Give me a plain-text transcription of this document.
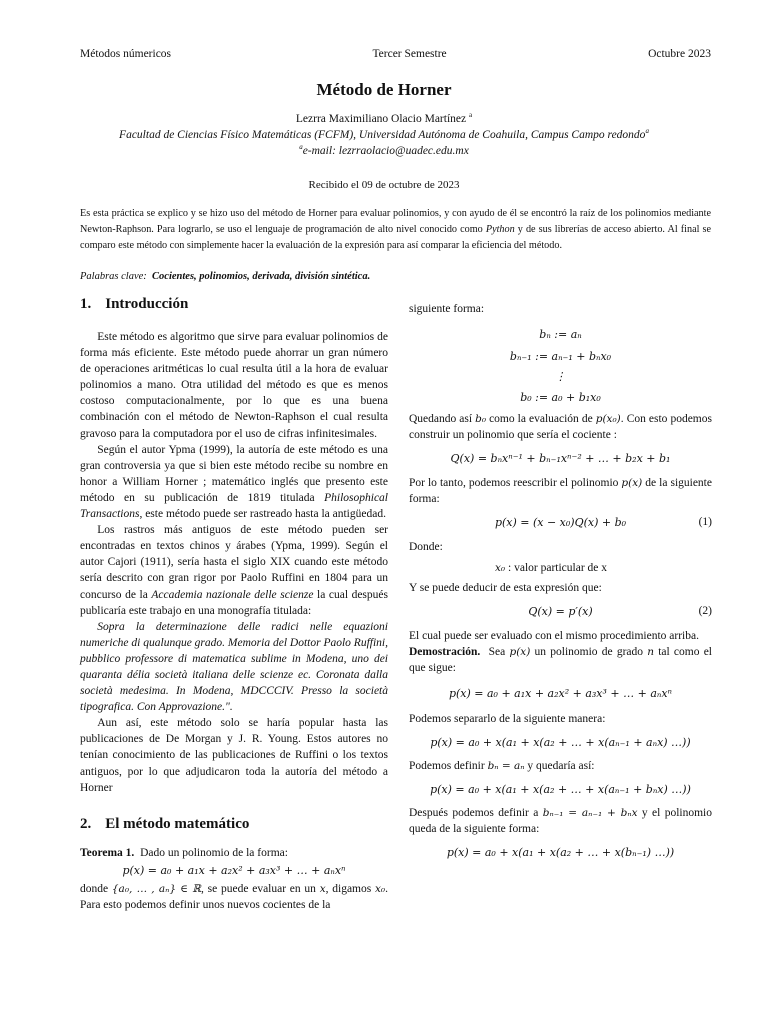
Métodos númericos	Tercer Semestre	Octubre 2023
Método de Horner
Lezrra Maximiliano Olacio Martínez $^a$
Facultad de Ciencias Físico Matemáticas (FCFM), Universidad Autónoma de Coahuila, Campus Campo redondo$^a$
$^a$e-mail: lezrraolacio@uadec.edu.mx
Recibido el 09 de octubre de 2023

Es esta práctica se explico y se hizo uso del método de Horner para evaluar polinomios, y con ayudo de él se encontró la raíz de los polinomios mediante Newton-Raphson. Para lograrlo, se uso el lenguaje de programación de alto nivel conocido como Python y de sus librerías de acceso abierto. Al final se comparo este método con simplemente hacer la evaluación de la expresión para así comparar la eficiencia del método.

Palabras clave: Cocientes, polinomios, derivada, división sintética.
1. Introducción

Este método es algoritmo que sirve para evaluar polinomios de forma más eficiente. Este método puede ahorrar un gran número de operaciones aritméticas lo cual resulta útil a la hora de evaluar polinomios a mano. Otra utilidad del método es que es menos costoso computacionalmente, por lo que es una buena combinación con el método de Newton-Raphson el cual resulta gravoso para la computadora por el uso de cifras infinitesimales.

Según el autor Ypma (1999), la autoría de este método es una gran controversia ya que si bien este método recibe su nombre en honor a William Horner ; matemático inglés que presento este método en su publicación de 1819 titulada Philosophical Transactions, este método puede ser rastreado hasta la antigüedad.

Los rastros más antiguos de este método pueden ser encontradas en textos chinos y árabes (Ypma, 1999). Según el autor Cajori (1911), sería hasta el siglo XIX cuando este método sería descrito con gran rigor por Paolo Ruffini en 1804 para un concurso de la Accademia nazionale delle scienze la cual después publicaría este trabajo en una monografía titulada:

Sopra la determinazione delle radici nelle equazioni numeriche di qualunque grado. Memoria del Dottor Paolo Ruffini, pubblico professore di matematica sublime in Modena, uno dei quaranta délia società italiana delle scienze ec. Coronata dalla società medesima. In Modena, MDCCCIV. Presso la società tipografica. Con Approvazione.".

Aun así, este método solo se haría popular hasta las publicaciones de De Morgan y J. R. Young. Estos autores no tenían conocimiento de las publicaciones de Ruffini o los textos antiguos, por lo que adjudicaron toda la autoría del método a Horner

2. El método matemático

Teorema 1. Dado un polinomio de la forma:

p(x) = a₀ + a₁x + a₂x² + a₃x³ + … + aₙxⁿ

donde {a₀, … , aₙ} ∈ ℝ, se puede evaluar en un x, digamos x₀. Para esto podemos definir unos nuevos cocientes de la

siguiente forma:

bₙ := aₙ
bₙ₋₁ := aₙ₋₁ + bₙx₀
⋮
b₀ := a₀ + b₁x₀

Quedando así b₀ como la evaluación de p(x₀). Con esto podemos construir un polinomio que sería el cociente :

Q(x) = bₙxⁿ⁻¹ + bₙ₋₁xⁿ⁻² + … + b₂x + b₁

Por lo tanto, podemos reescribir el polinomio p(x) de la siguiente forma:

p(x) = (x − x₀)Q(x) + b₀	(1)

Donde:

x₀ : valor particular de x

Y se puede deducir de esta expresión que:

Q(x) = p′(x)	(2)

El cual puede ser evaluado con el mismo procedimiento arriba.

Demostración. Sea p(x) un polinomio de grado n tal como el que sigue:

p(x) = a₀ + a₁x + a₂x² + a₃x³ + … + aₙxⁿ

Podemos separarlo de la siguiente manera:

p(x) = a₀ + x(a₁ + x(a₂ + … + x(aₙ₋₁ + aₙx) …))

Podemos definir bₙ = aₙ y quedaría así:

p(x) = a₀ + x(a₁ + x(a₂ + … + x(aₙ₋₁ + bₙx) …))

Después podemos definir a bₙ₋₁ = aₙ₋₁ + bₙx y el polinomio queda de la siguiente forma:

p(x) = a₀ + x(a₁ + x(a₂ + … + x(bₙ₋₁) …))
